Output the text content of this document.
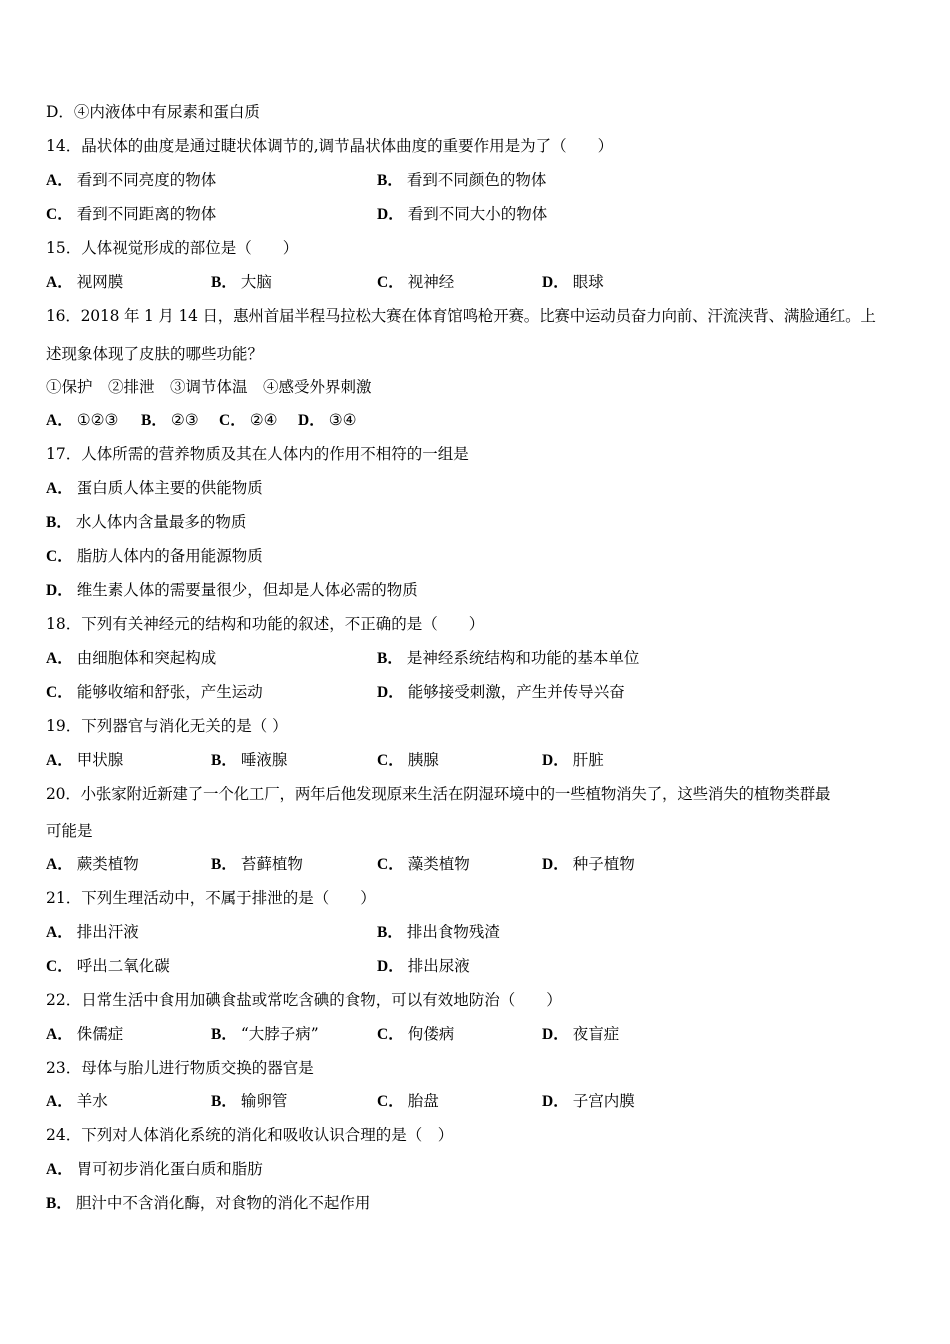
D．④内液体中有尿素和蛋白质
14．晶状体的曲度是通过睫状体调节的,调节晶状体曲度的重要作用是为了（　　）
A． 看到不同亮度的物体	B． 看到不同颜色的物体
C． 看到不同距离的物体	D． 看到不同大小的物体
15．人体视觉形成的部位是（　　）
A． 视网膜	B． 大脑	C． 视神经	D． 眼球
16．2018 年 1 月 14 日，惠州首届半程马拉松大赛在体育馆鸣枪开赛。比赛中运动员奋力向前、汗流浃背、满脸通红。上
述现象体现了皮肤的哪些功能？
①保护　②排泄　③调节体温　④感受外界刺激
A． ①②③ B． ②③ C． ②④ D． ③④
17．人体所需的营养物质及其在人体内的作用不相符的一组是
A． 蛋白质人体主要的供能物质
B． 水人体内含量最多的物质
C． 脂肪人体内的备用能源物质
D． 维生素人体的需要量很少，但却是人体必需的物质
18．下列有关神经元的结构和功能的叙述，不正确的是（　　）
A． 由细胞体和突起构成	B． 是神经系统结构和功能的基本单位
C． 能够收缩和舒张，产生运动	D． 能够接受刺激，产生并传导兴奋
19．下列器官与消化无关的是（ ）
A． 甲状腺	B． 唾液腺	C． 胰腺	D． 肝脏
20．小张家附近新建了一个化工厂，两年后他发现原来生活在阴湿环境中的一些植物消失了，这些消失的植物类群最
可能是
A． 蕨类植物	B． 苔藓植物	C． 藻类植物	D． 种子植物
21．下列生理活动中，不属于排泄的是（　　）
A． 排出汗液	B． 排出食物残渣
C． 呼出二氧化碳	D． 排出尿液
22．日常生活中食用加碘食盐或常吃含碘的食物，可以有效地防治（　　）
A． 侏儒症	B． “大脖子病”	C． 佝偻病	D． 夜盲症
23．母体与胎儿进行物质交换的器官是
A． 羊水	B． 输卵管	C． 胎盘	D． 子宫内膜
24．下列对人体消化系统的消化和吸收认识合理的是（　）
A． 胃可初步消化蛋白质和脂肪
B． 胆汁中不含消化酶，对食物的消化不起作用
